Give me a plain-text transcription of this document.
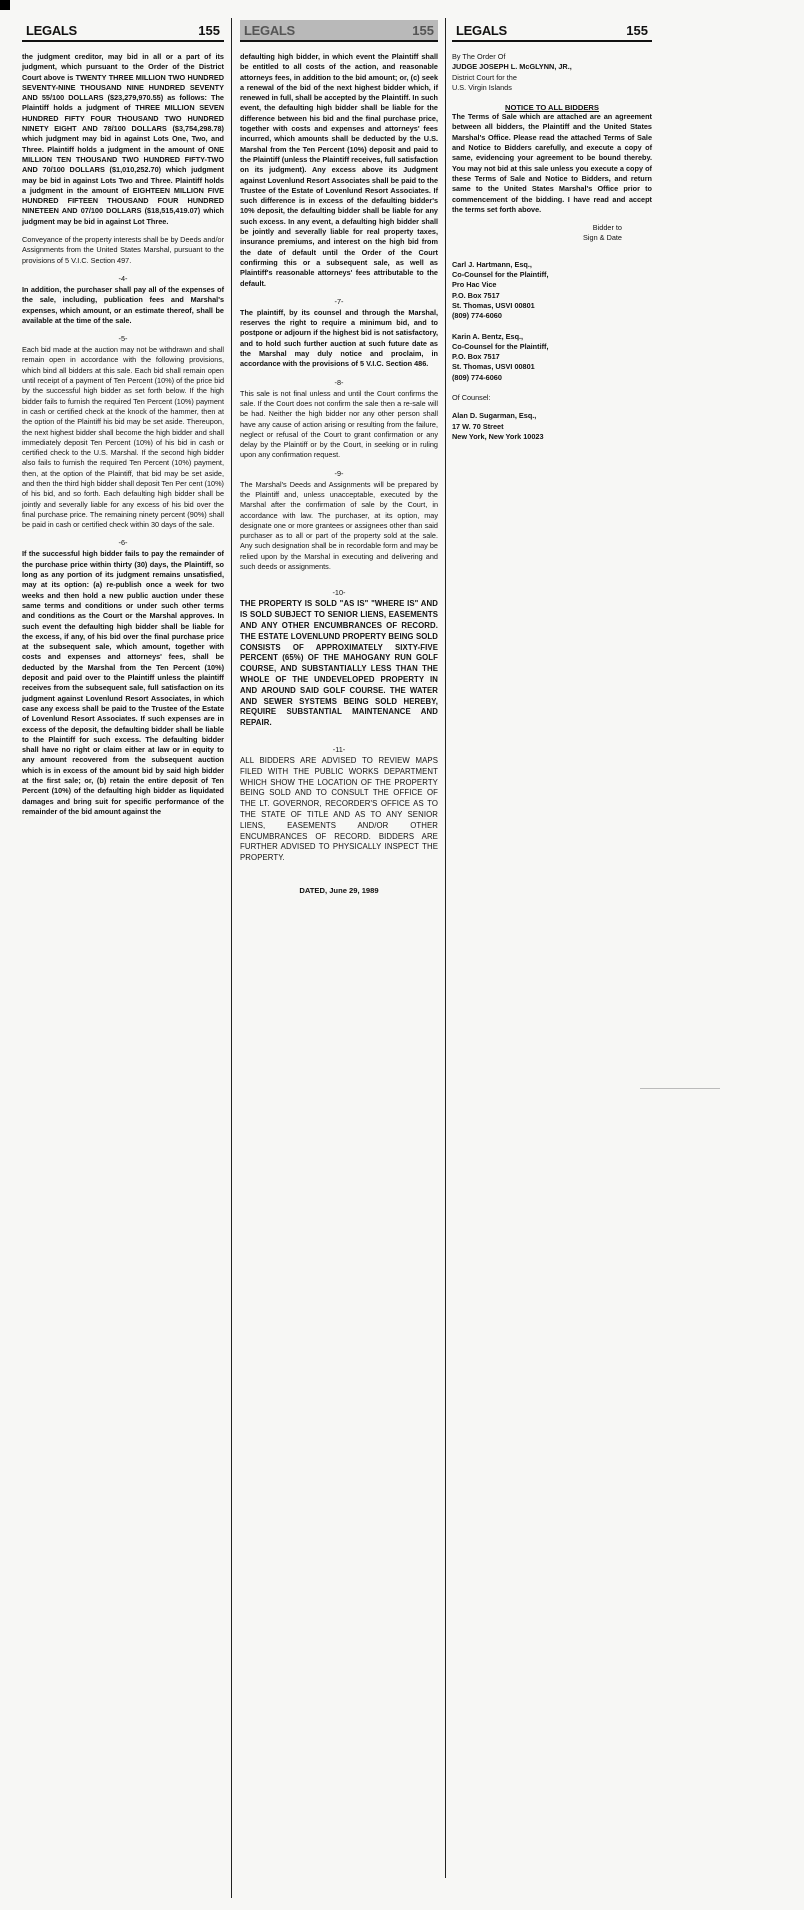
LEGALS	155
the judgment creditor, may bid in all or a part of its judgment, which pursuant to the Order of the District Court above is TWENTY THREE MILLION TWO HUNDRED SEVENTY-NINE THOUSAND NINE HUNDRED SEVENTY AND 55/100 DOLLARS ($23,279,970.55) as follows: The Plaintiff holds a judgment of THREE MILLION SEVEN HUNDRED FIFTY FOUR THOUSAND TWO HUNDRED NINETY EIGHT AND 78/100 DOLLARS ($3,754,298.78) which judgment may bid in against Lots One, Two, and Three. Plaintiff holds a judgment in the amount of ONE MILLION TEN THOUSAND TWO HUNDRED FIFTY-TWO AND 70/100 DOLLARS ($1,010,252.70) which judgment may be bid in against Lots Two and Three. Plaintiff holds a judgment in the amount of EIGHTEEN MILLION FIVE HUNDRED FIFTEEN THOUSAND FOUR HUNDRED NINETEEN AND 07/100 DOLLARS ($18,515,419.07) which judgment may be bid in against Lot Three.
Conveyance of the property interests shall be by Deeds and/or Assignments from the United States Marshal, pursuant to the provisions of 5 V.I.C. Section 497.
-4-
In addition, the purchaser shall pay all of the expenses of the sale, including, publication fees and Marshal's expenses, which amount, or an estimate thereof, shall be available at the time of the sale.
-5-
Each bid made at the auction may not be withdrawn and shall remain open in accordance with the following provisions, which bind all bidders at this sale. Each bid shall remain open until receipt of a payment of Ten Percent (10%) of the price bid by the successful high bidder as set forth below. If the high bidder fails to furnish the required Ten Percent (10%) payment in cash or certified check at the knock of the hammer, then at the option of the Plaintiff his bid may be set aside. Thereupon, the next highest bidder shall become the high bidder and shall immediately deposit Ten Percent (10%) of his bid in cash or certified check to the U.S. Marshal. If the second high bidder also fails to furnish the required Ten Percent (10%) payment, then, at the option of the Plaintiff, that bid may be set aside, and then the third high bidder shall deposit Ten Per cent (10%) of his bid, and so forth. Each defaulting high bidder shall be jointly and severally liable for any excess of his bid over the final purchase price. The remaining ninety percent (90%) shall be paid in cash or certified check within 30 days of the sale.
-6-
If the successful high bidder fails to pay the remainder of the purchase price within thirty (30) days, the Plaintiff, so long as any portion of its judgment remains unsatisfied, may at its option: (a) re-publish once a week for two weeks and then hold a new public auction under these same terms and conditions or under such other terms and conditions as the Court or the Marshal approves. In such event the defaulting high bidder shall be liable for the excess, if any, of his bid over the final purchase price at the subsequent sale, which amount, together with costs and expenses and attorneys' fees, shall be deducted by the Marshal from the Ten Percent (10%) deposit and paid over to the Plaintiff unless the plaintiff receives from the subsequent sale, full satisfaction on its judgment against Lovenlund Resort Associates, in which case any excess shall be paid to the Trustee of the Estate of Lovenlund Resort Associates. If such expenses are in excess of the deposit, the defaulting bidder shall be liable to the Plaintiff for such excess. The defaulting bidder shall have no right or claim either at law or in equity to any amount recovered from the subsequent auction which is in excess of the amount bid by said high bidder at the first sale; or, (b) retain the entire deposit of Ten Percent (10%) of the defaulting high bidder as liquidated damages and bring suit for specific performance of the remainder of the bid amount against the
LEGALS	155
defaulting high bidder, in which event the Plaintiff shall be entitled to all costs of the action, and reasonable attorneys fees, in addition to the bid amount; or, (c) seek a renewal of the bid of the next highest bidder which, if renewed in full, shall be accepted by the Plaintiff. In such event, the defaulting high bidder shall be liable for the difference between his bid and the final purchase price, together with costs and expenses and attorneys' fees incurred, which amounts shall be deducted by the U.S. Marshal from the Ten Percent (10%) deposit and paid to the Plaintiff (unless the Plaintiff receives, full satisfaction on its judgment). Any excess above its Judgment against Lovenlund Resort Associates shall be paid to the Trustee of the Estate of Lovenlund Resort Associates. If such difference is in excess of the defaulting bidder's 10% deposit, the defaulting bidder shall be liable for any such excess. In any event, a defaulting high bidder shall be jointly and severally liable for real property taxes, insurance premiums, and interest on the high bid from the date of default until the Order of the Court confirming this or a subsequent sale, as well as Plaintiff's reasonable attorneys' fees attributable to the default.
-7-
The plaintiff, by its counsel and through the Marshal, reserves the right to require a minimum bid, and to postpone or adjourn if the highest bid is not satisfactory, and to hold such further auction at such future date as the Marshal may duly notice and proclaim, in accordance with the provisions of 5 V.I.C. Section 486.
-8-
This sale is not final unless and until the Court confirms the sale. If the Court does not confirm the sale then a re-sale will be had. Neither the high bidder nor any other person shall have any cause of action arising or resulting from the failure, neglect or refusal of the Court to grant confirmation or any delay by the Plaintiff or by the Court, in seeking or in ruling upon any confirmation request.
-9-
The Marshal's Deeds and Assignments will be prepared by the Plaintiff and, unless unacceptable, executed by the Marshal after the confirmation of sale by the Court, in accordance with law. The purchaser, at its option, may designate one or more grantees or assignees other than said purchaser as to all or part of the property sold at the sale. Any such designation shall be in recordable form and may be relied upon by the Marshal in executing and delivering and such deeds or assignments.
-10-
THE PROPERTY IS SOLD "AS IS" "WHERE IS" AND IS SOLD SUBJECT TO SENIOR LIENS, EASEMENTS AND ANY OTHER ENCUMBRANCES OF RECORD. THE ESTATE LOVENLUND PROPERTY BEING SOLD CONSISTS OF APPROXIMATELY SIXTY-FIVE PERCENT (65%) OF THE MAHOGANY RUN GOLF COURSE, AND SUBSTANTIALLY LESS THAN THE WHOLE OF THE UNDEVELOPED PROPERTY IN AND AROUND SAID GOLF COURSE. THE WATER AND SEWER SYSTEMS BEING SOLD HEREBY, REQUIRE SUBSTANTIAL MAINTENANCE AND REPAIR.
-11-
ALL BIDDERS ARE ADVISED TO REVIEW MAPS FILED WITH THE PUBLIC WORKS DEPARTMENT WHICH SHOW THE LOCATION OF THE PROPERTY BEING SOLD AND TO CONSULT THE OFFICE OF THE LT. GOVERNOR, RECORDER'S OFFICE AS TO THE STATE OF TITLE AND AS TO ANY SENIOR LIENS, EASEMENTS AND/OR OTHER ENCUMBRANCES OF RECORD. BIDDERS ARE FURTHER ADVISED TO PHYSICALLY INSPECT THE PROPERTY.
DATED, June 29, 1989
LEGALS	155
By The Order Of
JUDGE JOSEPH L. McGLYNN, JR.,
District Court for the
U.S. Virgin Islands
NOTICE TO ALL BIDDERS
The Terms of Sale which are attached are an agreement between all bidders, the Plaintiff and the United States Marshal's Office. Please read the attached Terms of Sale and Notice to Bidders carefully, and execute a copy of same, evidencing your agreement to be bound thereby. You may not bid at this sale unless you execute a copy of these Terms of Sale and Notice to Bidders, and return same to the United States Marshal's Office prior to commencement of the bidding. I have read and accept the terms set forth above.
Bidder to
Sign & Date
Carl J. Hartmann, Esq.,
Co-Counsel for the Plaintiff,
Pro Hac Vice
P.O. Box 7517
St. Thomas, USVI 00801
(809) 774-6060
Karin A. Bentz, Esq.,
Co-Counsel for the Plaintiff,
P.O. Box 7517
St. Thomas, USVI 00801
(809) 774-6060
Of Counsel:
Alan D. Sugarman, Esq.,
17 W. 70 Street
New York, New York 10023
